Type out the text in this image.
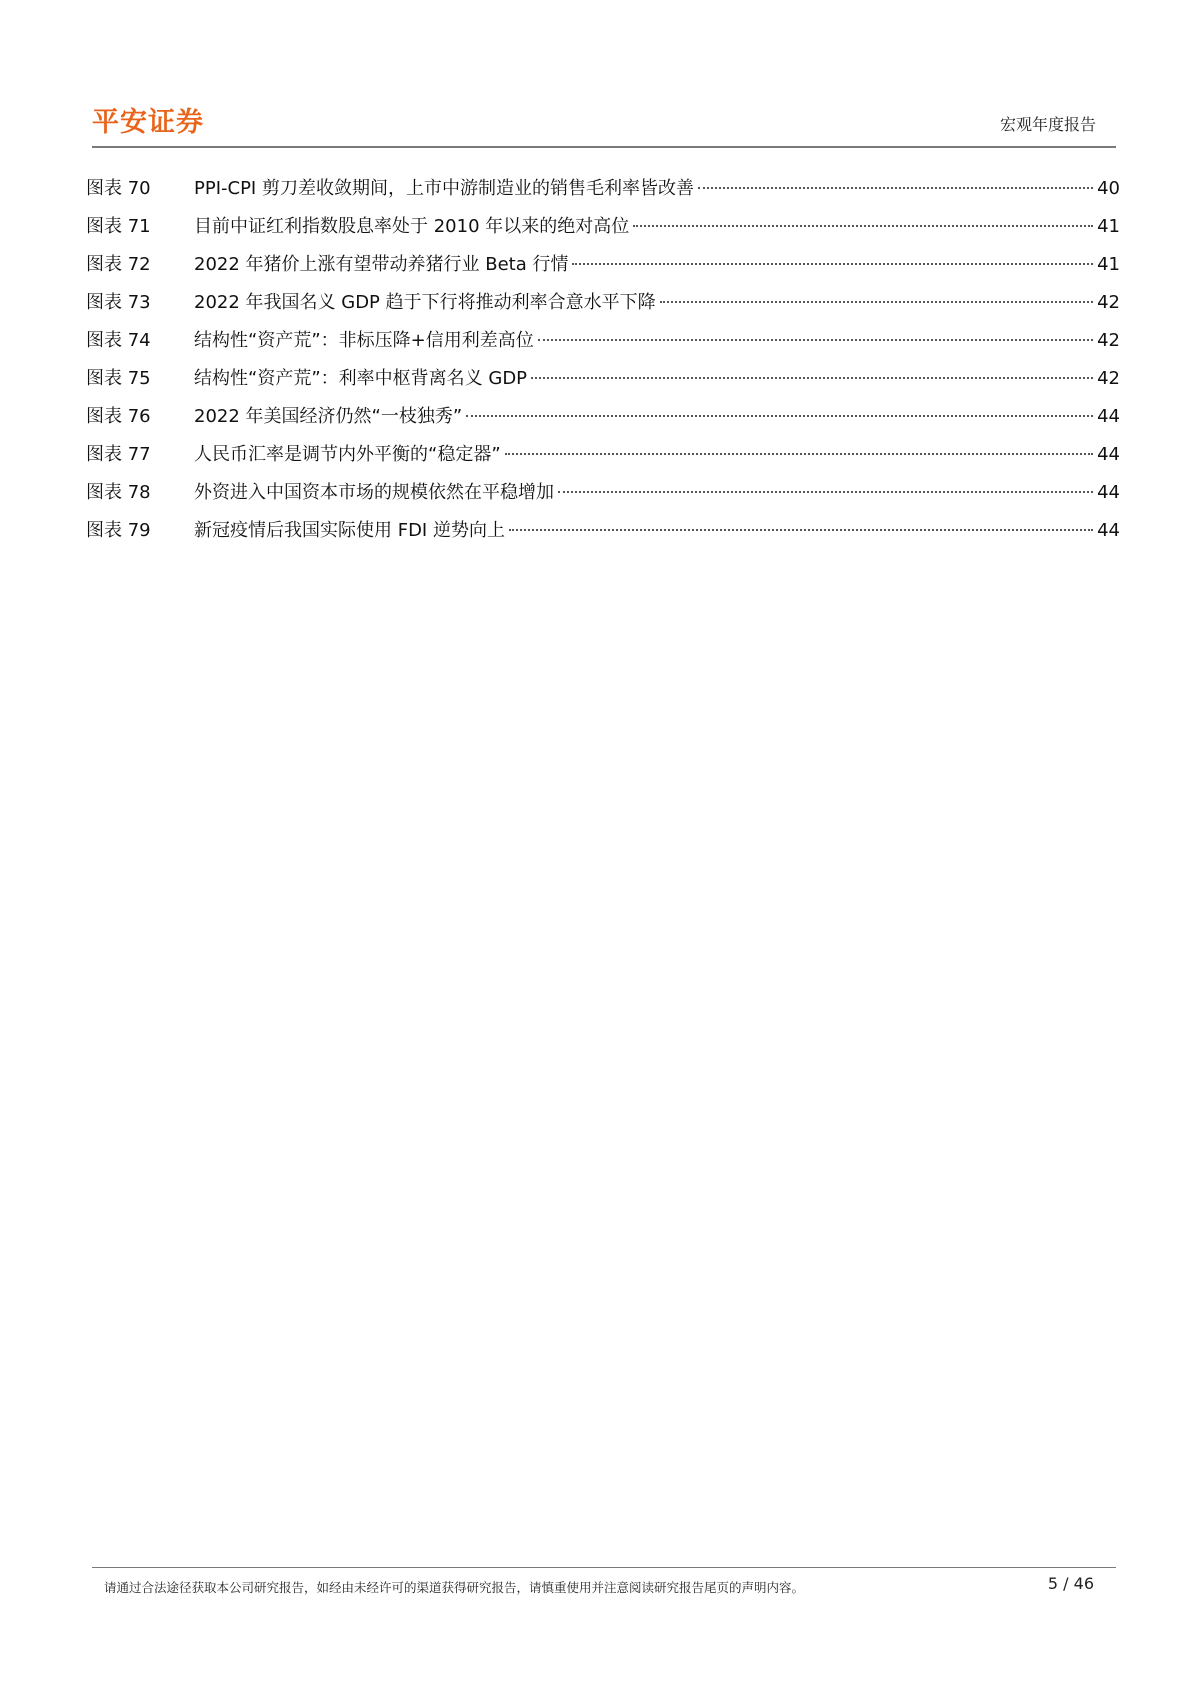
平安证券	宏观年度报告
图表 70	PPI-CPI 剪刀差收敛期间，上市中游制造业的销售毛利率皆改善	40
图表 71	目前中证红利指数股息率处于 2010 年以来的绝对高位	41
图表 72	2022 年猪价上涨有望带动养猪行业 Beta 行情	41
图表 73	2022 年我国名义 GDP 趋于下行将推动利率合意水平下降	42
图表 74	结构性“资产荒”：非标压降+信用利差高位	42
图表 75	结构性“资产荒”：利率中枢背离名义 GDP	42
图表 76	2022 年美国经济仍然“一枝独秀”	44
图表 77	人民币汇率是调节内外平衡的“稳定器”	44
图表 78	外资进入中国资本市场的规模依然在平稳增加	44
图表 79	新冠疫情后我国实际使用 FDI 逆势向上	44
请通过合法途径获取本公司研究报告，如经由未经许可的渠道获得研究报告，请慎重使用并注意阅读研究报告尾页的声明内容。	5 / 46
